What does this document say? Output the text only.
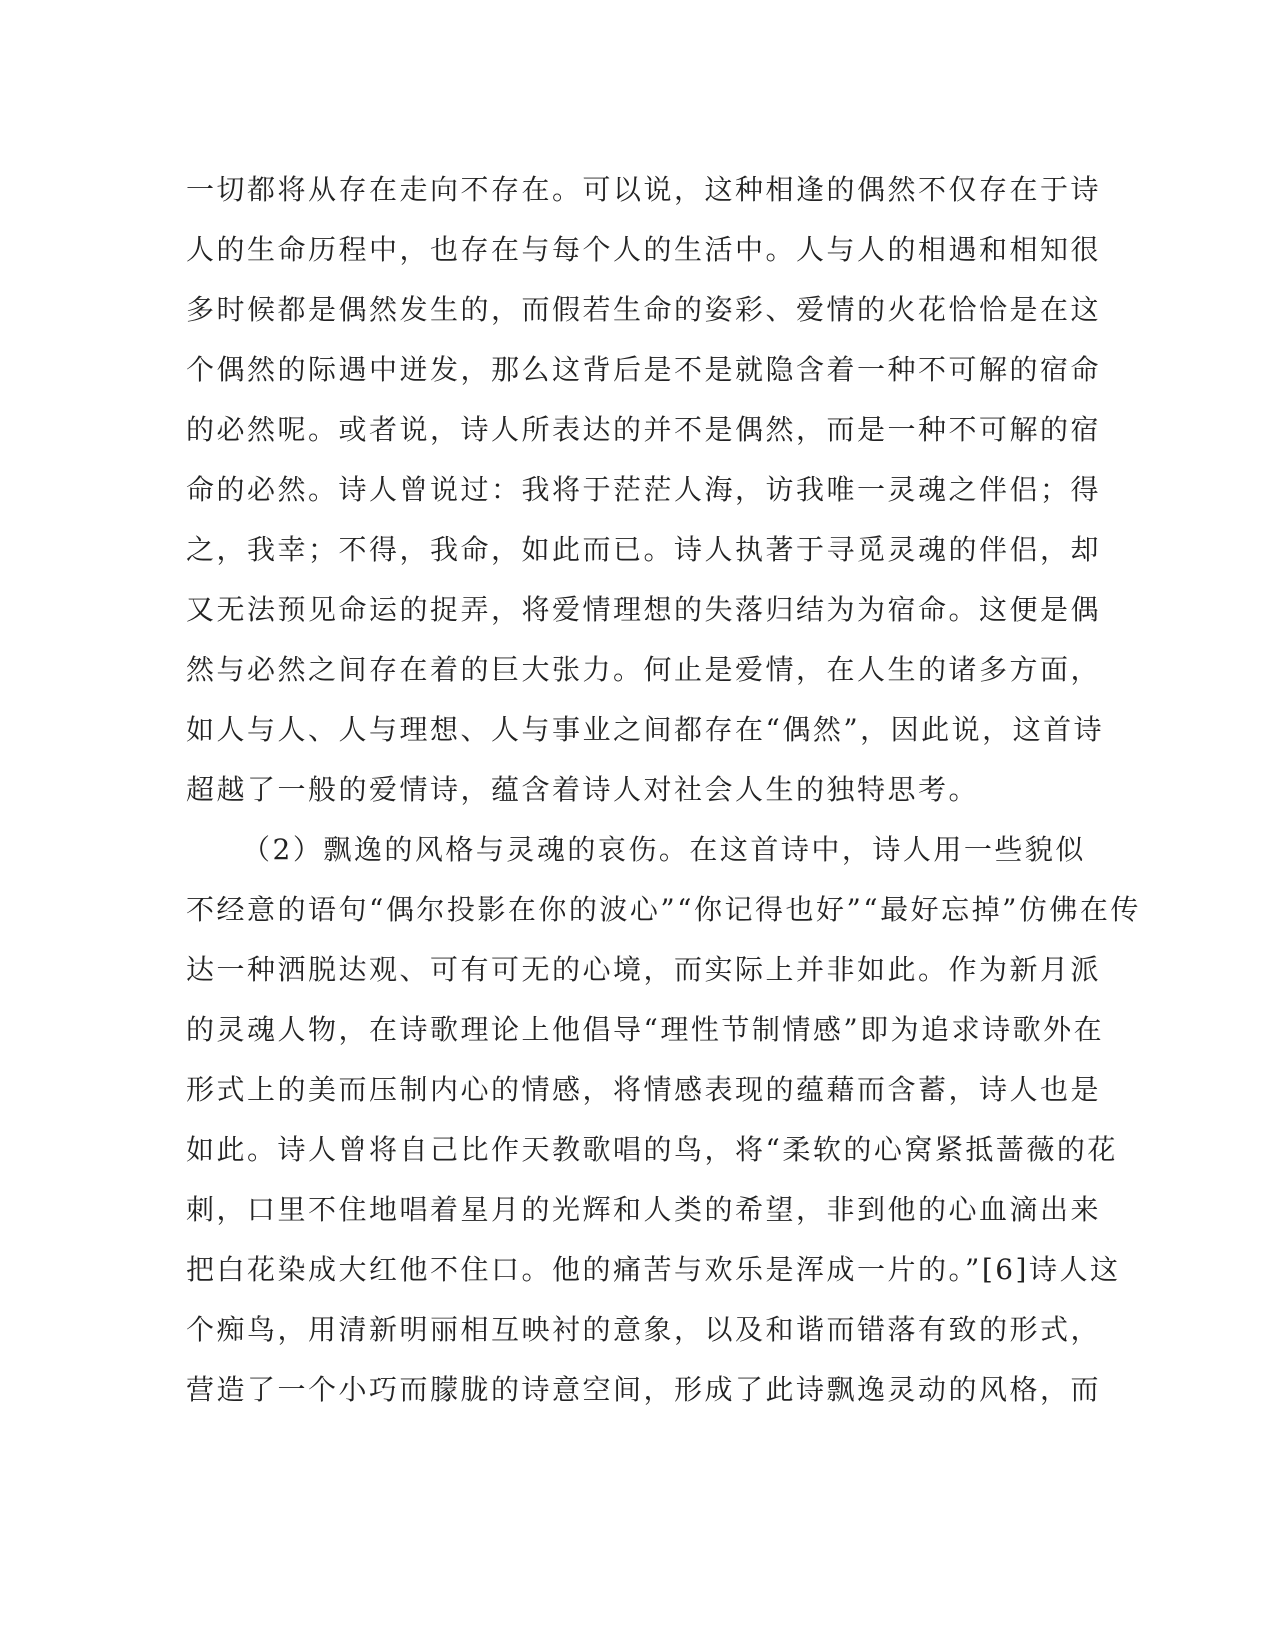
一切都将从存在走向不存在。可以说，这种相逢的偶然不仅存在于诗
人的生命历程中，也存在与每个人的生活中。人与人的相遇和相知很
多时候都是偶然发生的，而假若生命的姿彩、爱情的火花恰恰是在这
个偶然的际遇中迸发，那么这背后是不是就隐含着一种不可解的宿命
的必然呢。或者说，诗人所表达的并不是偶然，而是一种不可解的宿
命的必然。诗人曾说过：我将于茫茫人海，访我唯一灵魂之伴侣；得
之，我幸；不得，我命，如此而已。诗人执著于寻觅灵魂的伴侣，却
又无法预见命运的捉弄，将爱情理想的失落归结为为宿命。这便是偶
然与必然之间存在着的巨大张力。何止是爱情，在人生的诸多方面，
如人与人、人与理想、人与事业之间都存在“偶然”，因此说，这首诗
超越了一般的爱情诗，蕴含着诗人对社会人生的独特思考。
（2）飘逸的风格与灵魂的哀伤。在这首诗中，诗人用一些貌似
不经意的语句“偶尔投影在你的波心”“你记得也好”“最好忘掉”仿佛在传
达一种洒脱达观、可有可无的心境，而实际上并非如此。作为新月派
的灵魂人物，在诗歌理论上他倡导“理性节制情感”即为追求诗歌外在
形式上的美而压制内心的情感，将情感表现的蕴藉而含蓄，诗人也是
如此。诗人曾将自己比作天教歌唱的鸟，将“柔软的心窝紧抵蔷薇的花
刺，口里不住地唱着星月的光辉和人类的希望，非到他的心血滴出来
把白花染成大红他不住口。他的痛苦与欢乐是浑成一片的。”[6]诗人这
个痴鸟，用清新明丽相互映衬的意象，以及和谐而错落有致的形式，
营造了一个小巧而朦胧的诗意空间，形成了此诗飘逸灵动的风格，而
